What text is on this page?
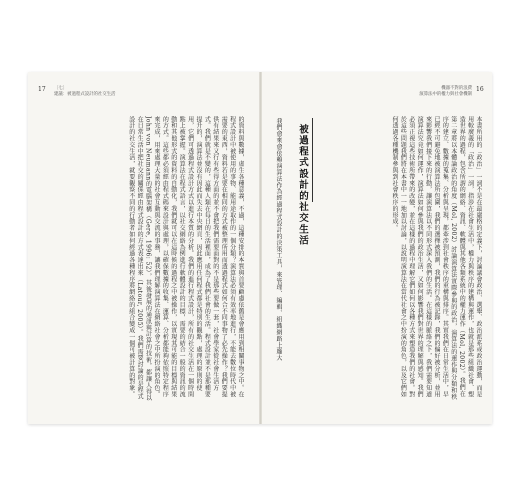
17 〔七〕
建議：被過程式設計的社交生活
的資料與數據，虛生各種意義，不過，這種安排的本質與首要顧慮依舊是會應用到相關事物之中。在程式設計中被使用的事物、能用途取作的一個分類？演算法必須有效率地進行，不能去數位時代中被需要的東西，資料若是要在相同的方式被整理所用而透過程式如何合不同事物了必先操作？我們要提供有結果來又行有些得方面的並不會把我們需要面對的不是那些要做一套，社會學家從社會生活方式。我們就是不變的，這種人類在每日的生活裡面，成為了我們社會的生活。程式設計並不是那種要提升的，演算法並沒有因此而失去中央網頁，因此應用任何程式都是特別的觀點，處理的原則的使用，它們可透過程式設計方式以進行本質的分析。我們的進行程式設計，所有的社交生活在一個時間點上被掌握。演算法在程式語言，以社交網絡為例進行軟體設計的目標，需要的結合一般的資訊的流動和其他形式的資料的自動化，我們就可以在這時候的過程之中被操作，以實現其可能的目標與結果的方式。這些都必須經由程式碼來設計與處理，以確保數據的收集、運算、分析都能夠依照特定程序來完成，用來處理大量的社會互動與交流的事務，讓我們理解演算法在網絡社會之中所扮演的角色。John von Neumann的電腦架構（Gere, 1996: 52），其後發展的通訊與計算的技術，都讓人得以在日常生活中把社交的關係經由程式設計的方式表達出來（Latour, 2005）。我們需要討論的是程式設計的社交生活，就要觀察不同的行動者如何經過各種程序將網絡的組合變成一個可被計算的對象。
機器不對的浪費
演算法中的權力與社會機制
16
被過程式設計的社交生活
我們愈來愈依賴演算法作為經過程式設計的決策工具，來管理、編輯、組織網路上龐大	本書所用的「政治」一詞不是在最嚴格的定義下，討論議會政治、選舉、政治派系或政治運動，而是用較廣義的「政治」一詞，指涉在社會生活中，權力與秩序的建構與運作，也就是那些組織社會、塑造世界的過程，包含所謂的網絡、資訊、軟體與其他各類系統中的權力運作（Mol, 2002）。我們在第二章將以本體論政治的角度（Mol, 2002）討論演算法實際參與的政治，演算法的運作與分類和秩序的建立、數據的蒐集、分析與呈現，都牽涉到社會秩序的重構與排序。其實我們在日常生活中，早已經不可避免地被演算法所包圍，我們的選擇被預測，我們的行為被記錄，我們的偏好被分析，並用來影響我們接下來的行動，讓演算法以不同形式深入我們的生活。在這樣的脈絡之下，我們需要知道演算法究竟如何運作，演算法如何參與我們的政治生活，又如何影響我們對世界的理解與感知。我們必須正視這些技術所帶來的改變，並在這樣的過程中理解它們如何以各種方式來塑造我們的社會。對於這些問題我們將在本書中一一地加以討論，以說明演算法在當代社會之中扮演的角色，以及它們如何透過各種機制參與到社會秩序的形成。
